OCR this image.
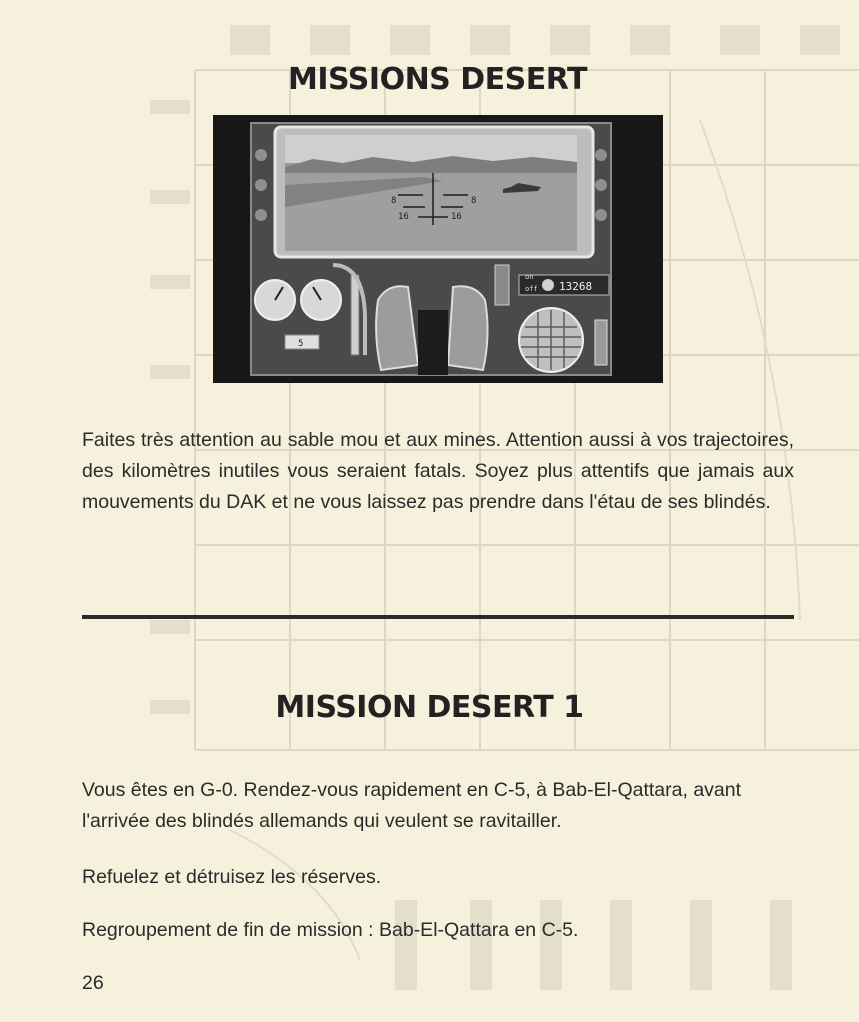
MISSIONS DESERT
8	8
16	16
5
on
off 13268

Faites très attention au sable mou et aux mines. Attention aussi à vos trajectoires, des kilomètres inutiles vous seraient fatals. Soyez plus attentifs que jamais aux mouvements du DAK et ne vous laissez pas prendre dans l'étau de ses blindés.

MISSION DESERT 1

Vous êtes en G-0. Rendez-vous rapidement en C-5, à Bab-El-Qattara, avant l'arrivée des blindés allemands qui veulent se ravitailler.

Refuelez et détruisez les réserves.

Regroupement de fin de mission : Bab-El-Qattara en C-5.

26
